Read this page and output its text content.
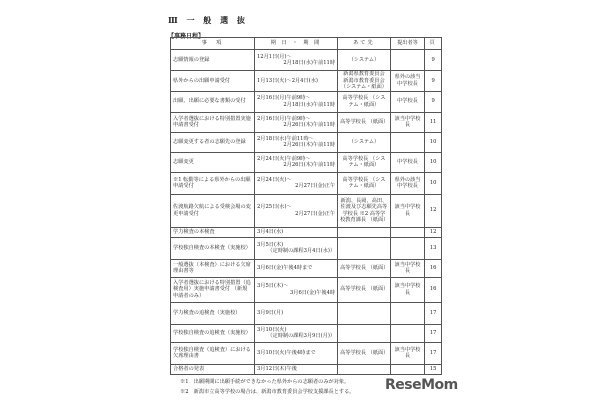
Ⅲ 一 般 選 抜
【事務日程】
事　項	期 日 ・ 期 間	あて先	提出者等	頁
志願情報の登録	12月1日(月)～
2月18日(水)午前11時	（システム）		9
県外からの出願申請受付	1月13日(火)～2月4日(水)	新潟県教育委員会 新潟市教育委員会 （システム・紙面）	県外の該当中学校長	9
出願、出願に必要な書類の受付	2月16日(月)午前9時～
2月18日(水)午前11時	高等学校長 （システム・紙面）	中学校長	9
入学者選抜における特別措置実施申請書受付	2月16日(月)午前9時～
2月26日(木)午前11時	高等学校長 （紙面）	該当中学校長	11
志願変更する者の志願先の登録	2月18日(水)午前11時～
2月26日(木)午前11時	（システム）		10
志願変更	2月24日(火)午前9時～
2月26日(木)午前11時	高等学校長 （システム・紙面）	中学校長	10
※1 転勤等による県外からの出願申請受付	2月24日(火)～
2月27日(金)正午	高等学校長 （システム・紙面）	県外の該当中学校長	10
佐渡航路欠航による受検会場の変更申請受付	2月25日(水)～
2月27日(金)正午	新潟、長岡、高田、佐渡及び志願先高等学校長 ※2 高等学校教育課長 （紙面）	該当中学校長	12
学力検査の本検査	3月4日(水)			12
学校独自検査の本検査（実施校）	3月5日(木)
（定時制の課程3月4日(水)）			13
一般選抜（本検査）における欠席理由書等	3月6日(金)午後4時まで	高等学校長 （紙面）	該当中学校長	16
入学者選抜における特別措置（追検査用）実施申請書受付 （新規申請者のみ）	3月5日(木)～
3月6日(金)午後4時	高等学校長 （紙面）	該当中学校長	16
学力検査の追検査（実施校）	3月9日(月)			17
学校独自検査の追検査（実施校）	3月10日(火)
（定時制の課程3月9日(月)）			17
学校独自検査（追検査）における欠席理由書	3月10日(火)午後4時まで	高等学校長 （紙面）	該当中学校長	17
合格者の発表	3月12日(木)午後			15
※1　出願期間に出願手続ができなかった県外からの志願者のみが対象。
※2　新潟市立高等学校の場合は、新潟市教育委員会学校支援課長とする。 ReseMom
